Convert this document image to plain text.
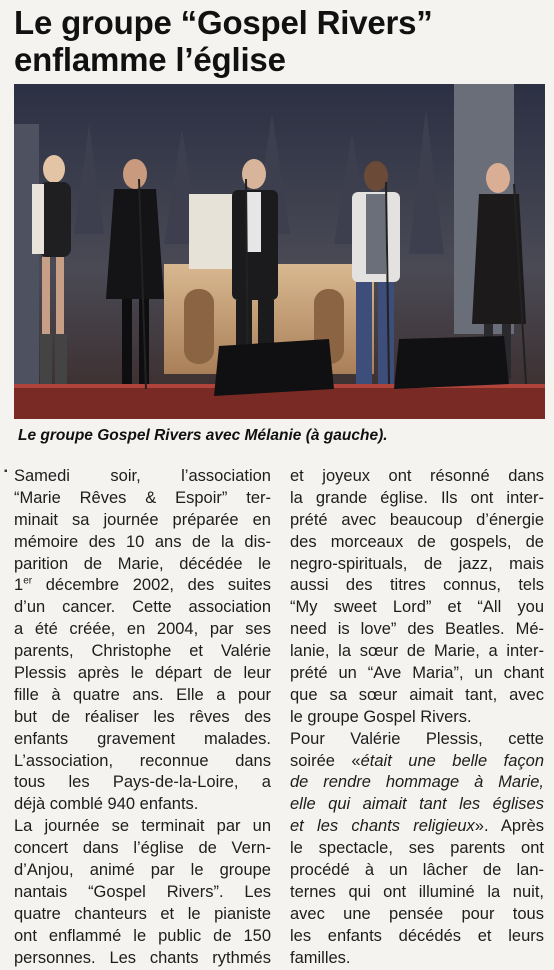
Le groupe “Gospel Rivers”
enflamme l’église
Le groupe Gospel Rivers avec Mélanie (à gauche).
▪ Samedi soir, l’association
“Marie Rêves & Espoir” ter-
minait sa journée préparée en
mémoire des 10 ans de la dis-
parition de Marie, décédée le
1er décembre 2002, des suites
d’un cancer. Cette association
a été créée, en 2004, par ses
parents, Christophe et Valérie
Plessis après le départ de leur
fille à quatre ans. Elle a pour
but de réaliser les rêves des
enfants gravement malades.
L’association, reconnue dans
tous les Pays-de-la-Loire, a
déjà comblé 940 enfants.
La journée se terminait par un
concert dans l’église de Vern-
d’Anjou, animé par le groupe
nantais “Gospel Rivers”. Les
quatre chanteurs et le pianiste
ont enflammé le public de 150
personnes. Les chants rythmés
et joyeux ont résonné dans
la grande église. Ils ont inter-
prété avec beaucoup d’énergie
des morceaux de gospels, de
negro-spirituals, de jazz, mais
aussi des titres connus, tels
“My sweet Lord” et “All you
need is love” des Beatles. Mé-
lanie, la sœur de Marie, a inter-
prété un “Ave Maria”, un chant
que sa sœur aimait tant, avec
le groupe Gospel Rivers.
Pour Valérie Plessis, cette
soirée «était une belle façon
de rendre hommage à Marie,
elle qui aimait tant les églises
et les chants religieux». Après
le spectacle, ses parents ont
procédé à un lâcher de lan-
ternes qui ont illuminé la nuit,
avec une pensée pour tous
les enfants décédés et leurs
familles.
